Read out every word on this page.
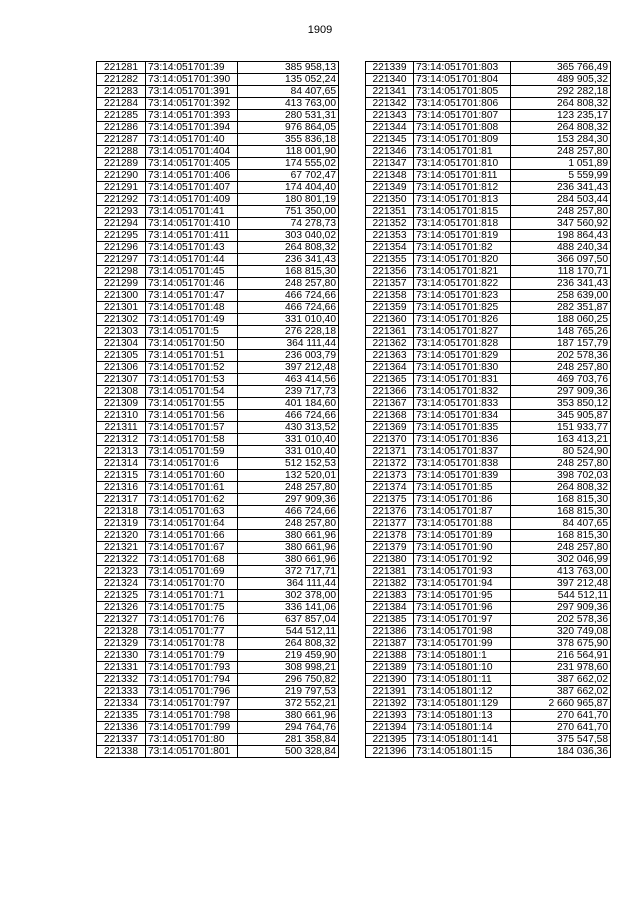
1909
221281	73:14:051701:39	385 958,13
221282	73:14:051701:390	135 052,24
221283	73:14:051701:391	84 407,65
221284	73:14:051701:392	413 763,00
221285	73:14:051701:393	280 531,31
221286	73:14:051701:394	976 864,05
221287	73:14:051701:40	355 836,18
221288	73:14:051701:404	118 001,90
221289	73:14:051701:405	174 555,02
221290	73:14:051701:406	67 702,47
221291	73:14:051701:407	174 404,40
221292	73:14:051701:409	180 801,19
221293	73:14:051701:41	751 350,00
221294	73:14:051701:410	74 278,73
221295	73:14:051701:411	303 040,02
221296	73:14:051701:43	264 808,32
221297	73:14:051701:44	236 341,43
221298	73:14:051701:45	168 815,30
221299	73:14:051701:46	248 257,80
221300	73:14:051701:47	466 724,66
221301	73:14:051701:48	466 724,66
221302	73:14:051701:49	331 010,40
221303	73:14:051701:5	276 228,18
221304	73:14:051701:50	364 111,44
221305	73:14:051701:51	236 003,79
221306	73:14:051701:52	397 212,48
221307	73:14:051701:53	463 414,56
221308	73:14:051701:54	239 717,73
221309	73:14:051701:55	401 184,60
221310	73:14:051701:56	466 724,66
221311	73:14:051701:57	430 313,52
221312	73:14:051701:58	331 010,40
221313	73:14:051701:59	331 010,40
221314	73:14:051701:6	512 152,53
221315	73:14:051701:60	132 520,01
221316	73:14:051701:61	248 257,80
221317	73:14:051701:62	297 909,36
221318	73:14:051701:63	466 724,66
221319	73:14:051701:64	248 257,80
221320	73:14:051701:66	380 661,96
221321	73:14:051701:67	380 661,96
221322	73:14:051701:68	380 661,96
221323	73:14:051701:69	372 717,71
221324	73:14:051701:70	364 111,44
221325	73:14:051701:71	302 378,00
221326	73:14:051701:75	336 141,06
221327	73:14:051701:76	637 857,04
221328	73:14:051701:77	544 512,11
221329	73:14:051701:78	264 808,32
221330	73:14:051701:79	219 459,90
221331	73:14:051701:793	308 998,21
221332	73:14:051701:794	296 750,82
221333	73:14:051701:796	219 797,53
221334	73:14:051701:797	372 552,21
221335	73:14:051701:798	380 661,96
221336	73:14:051701:799	294 764,76
221337	73:14:051701:80	281 358,84
221338	73:14:051701:801	500 328,84
221339	73:14:051701:803	365 766,49
221340	73:14:051701:804	489 905,32
221341	73:14:051701:805	292 282,18
221342	73:14:051701:806	264 808,32
221343	73:14:051701:807	123 235,17
221344	73:14:051701:808	264 808,32
221345	73:14:051701:809	153 284,30
221346	73:14:051701:81	248 257,80
221347	73:14:051701:810	1 051,89
221348	73:14:051701:811	5 559,99
221349	73:14:051701:812	236 341,43
221350	73:14:051701:813	284 503,44
221351	73:14:051701:815	248 257,80
221352	73:14:051701:818	347 560,92
221353	73:14:051701:819	198 864,43
221354	73:14:051701:82	488 240,34
221355	73:14:051701:820	366 097,50
221356	73:14:051701:821	118 170,71
221357	73:14:051701:822	236 341,43
221358	73:14:051701:823	258 639,00
221359	73:14:051701:825	282 351,87
221360	73:14:051701:826	188 060,25
221361	73:14:051701:827	148 765,26
221362	73:14:051701:828	187 157,79
221363	73:14:051701:829	202 578,36
221364	73:14:051701:830	248 257,80
221365	73:14:051701:831	469 703,76
221366	73:14:051701:832	297 909,36
221367	73:14:051701:833	353 850,12
221368	73:14:051701:834	345 905,87
221369	73:14:051701:835	151 933,77
221370	73:14:051701:836	163 413,21
221371	73:14:051701:837	80 524,90
221372	73:14:051701:838	248 257,80
221373	73:14:051701:839	398 702,03
221374	73:14:051701:85	264 808,32
221375	73:14:051701:86	168 815,30
221376	73:14:051701:87	168 815,30
221377	73:14:051701:88	84 407,65
221378	73:14:051701:89	168 815,30
221379	73:14:051701:90	248 257,80
221380	73:14:051701:92	302 046,99
221381	73:14:051701:93	413 763,00
221382	73:14:051701:94	397 212,48
221383	73:14:051701:95	544 512,11
221384	73:14:051701:96	297 909,36
221385	73:14:051701:97	202 578,36
221386	73:14:051701:98	320 749,08
221387	73:14:051701:99	378 675,90
221388	73:14:051801:1	216 564,91
221389	73:14:051801:10	231 978,60
221390	73:14:051801:11	387 662,02
221391	73:14:051801:12	387 662,02
221392	73:14:051801:129	2 660 965,87
221393	73:14:051801:13	270 641,70
221394	73:14:051801:14	270 641,70
221395	73:14:051801:141	375 547,58
221396	73:14:051801:15	184 036,36
